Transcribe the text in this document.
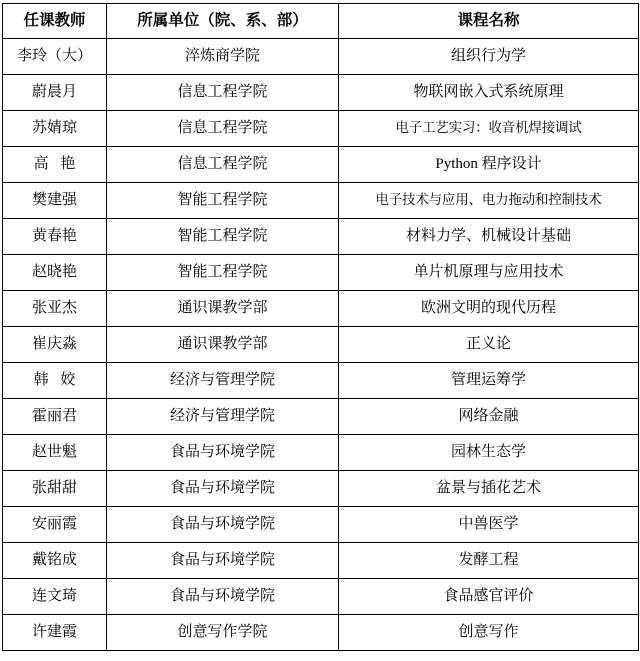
任课教师	所属单位（院、系、部）	课程名称
李玲（大）	淬炼商学院	组织行为学
蔚晨月	信息工程学院	物联网嵌入式系统原理
苏婧琼	信息工程学院	电子工艺实习：收音机焊接调试
高 艳	信息工程学院	Python 程序设计
樊建强	智能工程学院	电子技术与应用、电力拖动和控制技术
黄春艳	智能工程学院	材料力学、机械设计基础
赵晓艳	智能工程学院	单片机原理与应用技术
张亚杰	通识课教学部	欧洲文明的现代历程
崔庆淼	通识课教学部	正义论
韩 姣	经济与管理学院	管理运筹学
霍丽君	经济与管理学院	网络金融
赵世魁	食品与环境学院	园林生态学
张甜甜	食品与环境学院	盆景与插花艺术
安丽霞	食品与环境学院	中兽医学
戴铭成	食品与环境学院	发酵工程
连文琦	食品与环境学院	食品感官评价
许建霞	创意写作学院	创意写作
